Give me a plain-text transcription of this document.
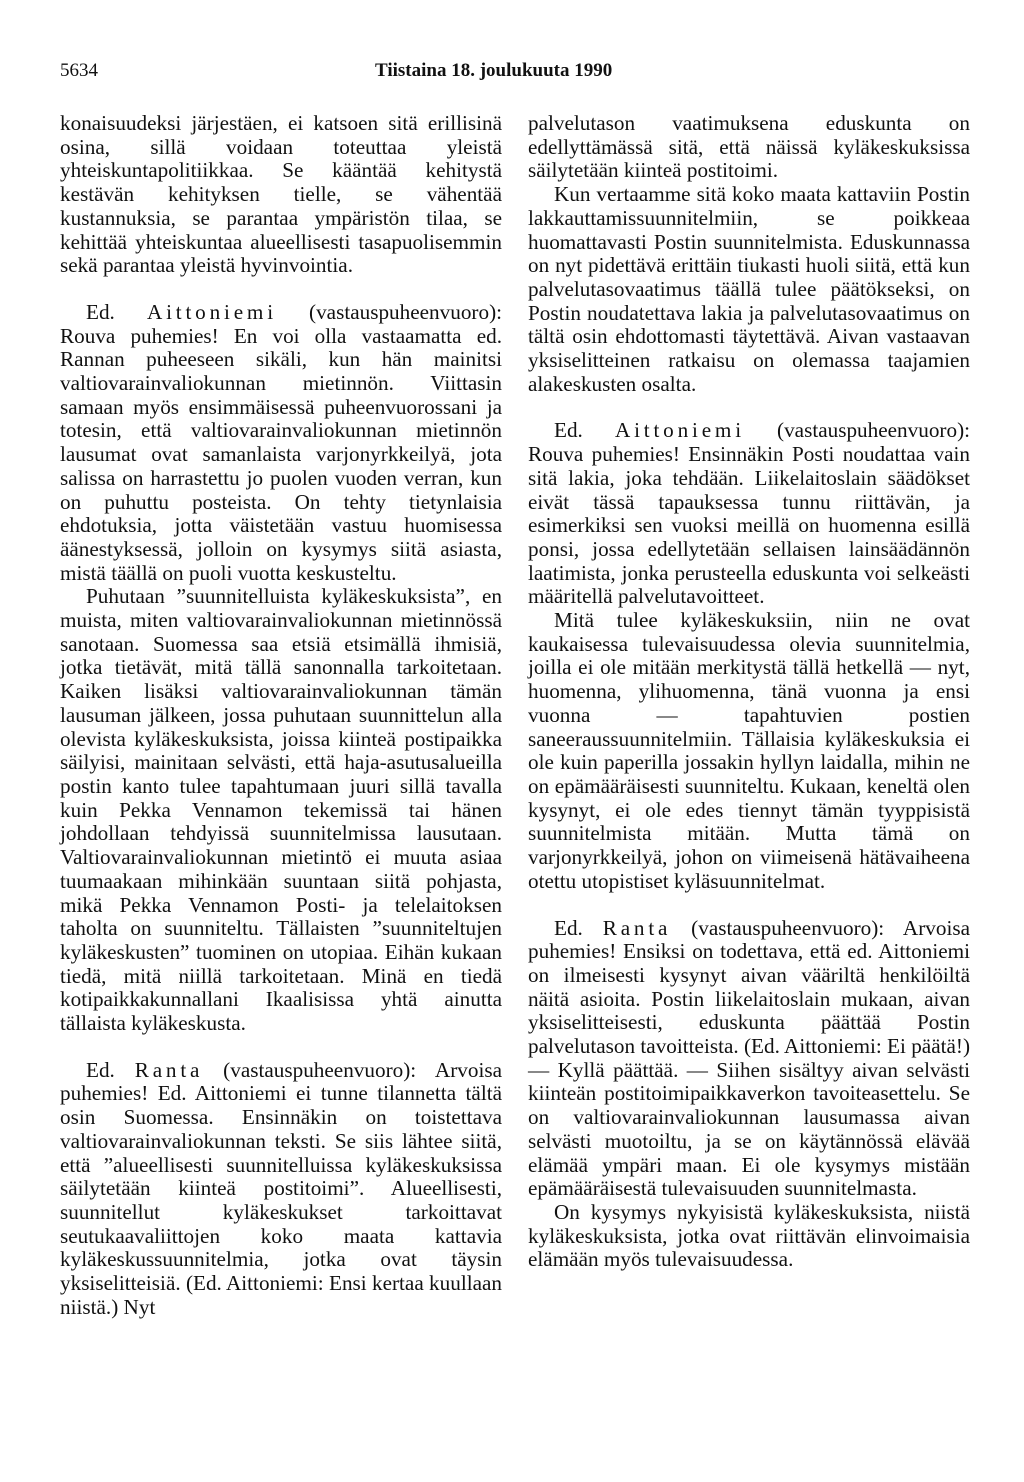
5634	Tiistaina 18. joulukuuta 1990

konaisuudeksi järjestäen, ei katsoen sitä erillisinä osina, sillä voidaan toteuttaa yleistä yhteiskuntapolitiikkaa. Se kääntää kehitystä kestävän kehityksen tielle, se vähentää kustannuksia, se parantaa ympäristön tilaa, se kehittää yhteiskuntaa alueellisesti tasapuolisemmin sekä parantaa yleistä hyvinvointia.

Ed. Aittoniemi (vastauspuheenvuoro): Rouva puhemies! En voi olla vastaamatta ed. Rannan puheeseen sikäli, kun hän mainitsi valtiovarainvaliokunnan mietinnön. Viittasin samaan myös ensimmäisessä puheenvuorossani ja totesin, että valtiovarainvaliokunnan mietinnön lausumat ovat samanlaista varjonyrkkeilyä, jota salissa on harrastettu jo puolen vuoden verran, kun on puhuttu posteista. On tehty tietynlaisia ehdotuksia, jotta väistetään vastuu huomisessa äänestyksessä, jolloin on kysymys siitä asiasta, mistä täällä on puoli vuotta keskusteltu.

Puhutaan ”suunnitelluista kyläkeskuksista”, en muista, miten valtiovarainvaliokunnan mietinnössä sanotaan. Suomessa saa etsiä etsimällä ihmisiä, jotka tietävät, mitä tällä sanonnalla tarkoitetaan. Kaiken lisäksi valtiovarainvaliokunnan tämän lausuman jälkeen, jossa puhutaan suunnittelun alla olevista kyläkeskuksista, joissa kiinteä postipaikka säilyisi, mainitaan selvästi, että haja-asutusalueilla postin kanto tulee tapahtumaan juuri sillä tavalla kuin Pekka Vennamon tekemissä tai hänen johdollaan tehdyissä suunnitelmissa lausutaan. Valtiovarainvaliokunnan mietintö ei muuta asiaa tuumaakaan mihinkään suuntaan siitä pohjasta, mikä Pekka Vennamon Posti- ja telelaitoksen taholta on suunniteltu. Tällaisten ”suunniteltujen kyläkeskusten” tuominen on utopiaa. Eihän kukaan tiedä, mitä niillä tarkoitetaan. Minä en tiedä kotipaikkakunnallani Ikaalisissa yhtä ainutta tällaista kyläkeskusta.

Ed. Ranta (vastauspuheenvuoro): Arvoisa puhemies! Ed. Aittoniemi ei tunne tilannetta tältä osin Suomessa. Ensinnäkin on toistettava valtiovarainvaliokunnan teksti. Se siis lähtee siitä, että ”alueellisesti suunnitelluissa kyläkeskuksissa säilytetään kiinteä postitoimi”. Alueellisesti, suunnitellut kyläkeskukset tarkoittavat seutukaavaliittojen koko maata kattavia kyläkeskussuunnitelmia, jotka ovat täysin yksiselitteisiä. (Ed. Aittoniemi: Ensi kertaa kuullaan niistä.) Nyt

palvelutason vaatimuksena eduskunta on edellyttämässä sitä, että näissä kyläkeskuksissa säilytetään kiinteä postitoimi.

Kun vertaamme sitä koko maata kattaviin Postin lakkauttamissuunnitelmiin, se poikkeaa huomattavasti Postin suunnitelmista. Eduskunnassa on nyt pidettävä erittäin tiukasti huoli siitä, että kun palvelutasovaatimus täällä tulee päätökseksi, on Postin noudatettava lakia ja palvelutasovaatimus on tältä osin ehdottomasti täytettävä. Aivan vastaavan yksiselitteinen ratkaisu on olemassa taajamien alakeskusten osalta.

Ed. Aittoniemi (vastauspuheenvuoro): Rouva puhemies! Ensinnäkin Posti noudattaa vain sitä lakia, joka tehdään. Liikelaitoslain säädökset eivät tässä tapauksessa tunnu riittävän, ja esimerkiksi sen vuoksi meillä on huomenna esillä ponsi, jossa edellytetään sellaisen lainsäädännön laatimista, jonka perusteella eduskunta voi selkeästi määritellä palvelutavoitteet.

Mitä tulee kyläkeskuksiin, niin ne ovat kaukaisessa tulevaisuudessa olevia suunnitelmia, joilla ei ole mitään merkitystä tällä hetkellä — nyt, huomenna, ylihuomenna, tänä vuonna ja ensi vuonna — tapahtuvien postien saneeraussuunnitelmiin. Tällaisia kyläkeskuksia ei ole kuin paperilla jossakin hyllyn laidalla, mihin ne on epämääräisesti suunniteltu. Kukaan, keneltä olen kysynyt, ei ole edes tiennyt tämän tyyppisistä suunnitelmista mitään. Mutta tämä on varjonyrkkeilyä, johon on viimeisenä hätävaiheena otettu utopistiset kyläsuunnitelmat.

Ed. Ranta (vastauspuheenvuoro): Arvoisa puhemies! Ensiksi on todettava, että ed. Aittoniemi on ilmeisesti kysynyt aivan vääriltä henkilöiltä näitä asioita. Postin liikelaitoslain mukaan, aivan yksiselitteisesti, eduskunta päättää Postin palvelutason tavoitteista. (Ed. Aittoniemi: Ei päätä!) — Kyllä päättää. — Siihen sisältyy aivan selvästi kiinteän postitoimipaikkaverkon tavoiteasettelu. Se on valtiovarainvaliokunnan lausumassa aivan selvästi muotoiltu, ja se on käytännössä elävää elämää ympäri maan. Ei ole kysymys mistään epämääräisestä tulevaisuuden suunnitelmasta.

On kysymys nykyisistä kyläkeskuksista, niistä kyläkeskuksista, jotka ovat riittävän elinvoimaisia elämään myös tulevaisuudessa.
